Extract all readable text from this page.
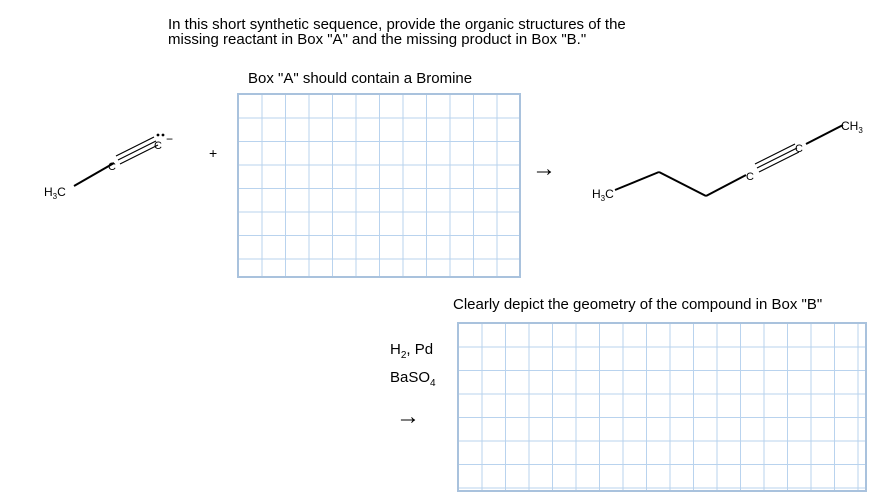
In this short synthetic sequence, provide the organic structures of the
missing reactant in Box "A" and the missing product in Box "B."
Box "A" should contain a Bromine
$H_3C$
C
C −
+
→
$H_3C$
C
C
$CH_3$
Clearly depict the geometry of the compound in Box "B"
$H_2$, Pd
BaSO$_4$
→
